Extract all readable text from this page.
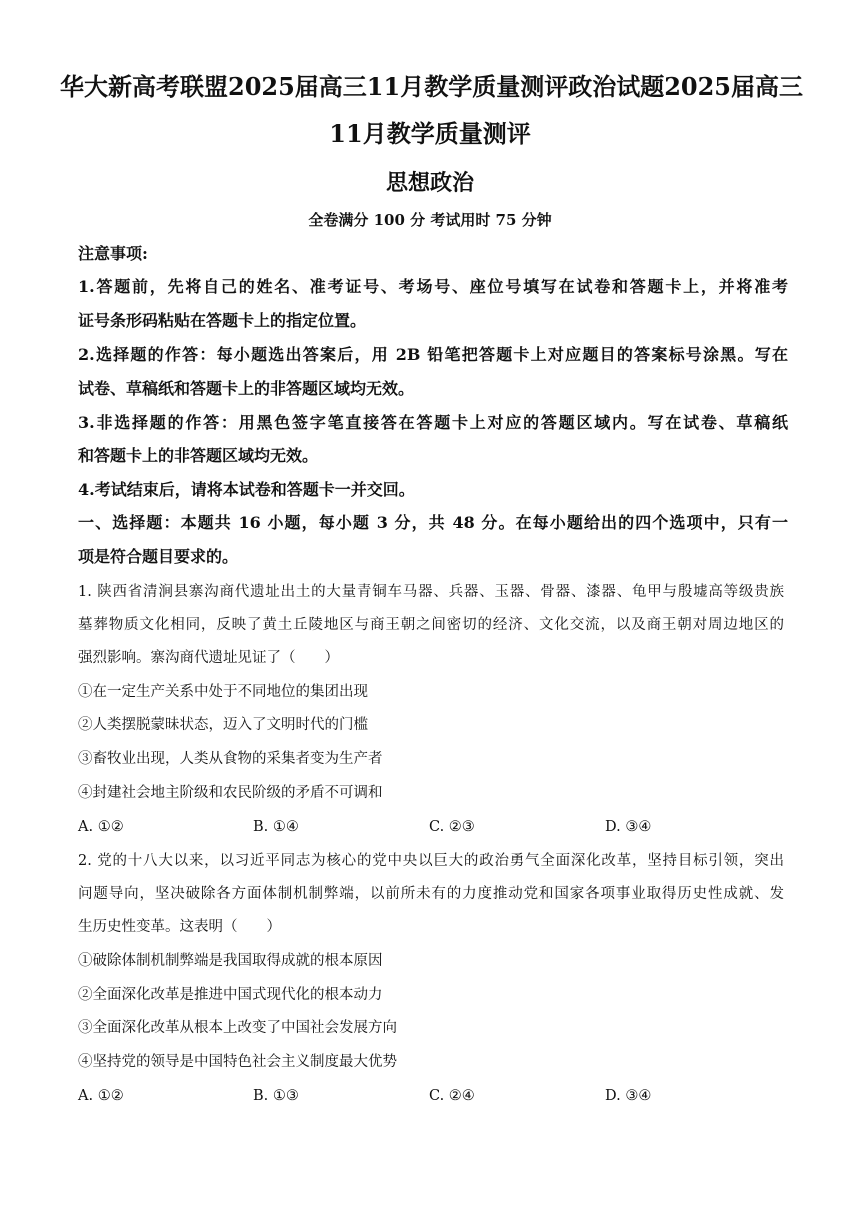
华大新高考联盟2025届高三11月教学质量测评政治试题2025届高三
11月教学质量测评
思想政治
全卷满分 100 分 考试用时 75 分钟
注意事项:
1.答题前，先将自己的姓名、准考证号、考场号、座位号填写在试卷和答题卡上，并将准考
证号条形码粘贴在答题卡上的指定位置。
2.选择题的作答：每小题选出答案后，用 2B 铅笔把答题卡上对应题目的答案标号涂黑。写在
试卷、草稿纸和答题卡上的非答题区域均无效。
3.非选择题的作答：用黑色签字笔直接答在答题卡上对应的答题区域内。写在试卷、草稿纸
和答题卡上的非答题区域均无效。
4.考试结束后，请将本试卷和答题卡一并交回。
一、选择题：本题共 16 小题，每小题 3 分，共 48 分。在每小题给出的四个选项中，只有一
项是符合题目要求的。
1. 陕西省清涧县寨沟商代遗址出土的大量青铜车马器、兵器、玉器、骨器、漆器、龟甲与殷墟高等级贵族
墓葬物质文化相同，反映了黄土丘陵地区与商王朝之间密切的经济、文化交流，以及商王朝对周边地区的
强烈影响。寨沟商代遗址见证了（　　）
①在一定生产关系中处于不同地位的集团出现
②人类摆脱蒙昧状态，迈入了文明时代的门槛
③畜牧业出现，人类从食物的采集者变为生产者
④封建社会地主阶级和农民阶级的矛盾不可调和
A. ①②	B. ①④	C. ②③	D. ③④
2. 党的十八大以来，以习近平同志为核心的党中央以巨大的政治勇气全面深化改革，坚持目标引领，突出
问题导向，坚决破除各方面体制机制弊端，以前所未有的力度推动党和国家各项事业取得历史性成就、发
生历史性变革。这表明（　　）
①破除体制机制弊端是我国取得成就的根本原因
②全面深化改革是推进中国式现代化的根本动力
③全面深化改革从根本上改变了中国社会发展方向
④坚持党的领导是中国特色社会主义制度最大优势
A. ①②	B. ①③	C. ②④	D. ③④
